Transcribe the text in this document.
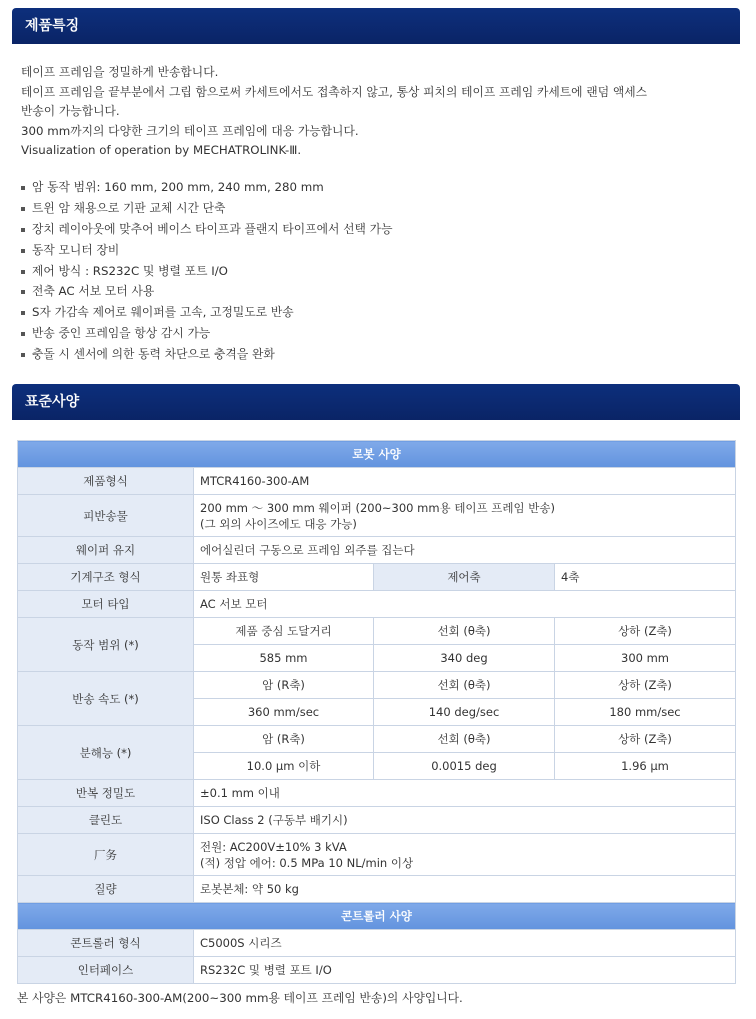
제품특징
테이프 프레임을 정밀하게 반송합니다.
테이프 프레임을 끝부분에서 그립 함으로써 카세트에서도 접촉하지 않고, 통상 피치의 테이프 프레임 카세트에 랜덤 액세스
반송이 가능합니다.
300 mm까지의 다양한 크기의 테이프 프레임에 대응 가능합니다.
Visualization of operation by MECHATROLINK-Ⅲ.
암 동작 범위: 160 mm, 200 mm, 240 mm, 280 mm
트윈 암 채용으로 기판 교체 시간 단축
장치 레이아웃에 맞추어 베이스 타이프과 플랜지 타이프에서 선택 가능
동작 모니터 장비
제어 방식 : RS232C 및 병렬 포트 I/O
전축 AC 서보 모터 사용
S자 가감속 제어로 웨이퍼를 고속, 고정밀도로 반송
반송 중인 프레임을 항상 감시 가능
충돌 시 센서에 의한 동력 차단으로 충격을 완화
표준사양
로봇 사양			
제품형식	MTCR4160-300-AM		
피반송물	200 mm ～ 300 mm 웨이퍼 (200~300 mm용 테이프 프레임 반송)
(그 외의 사이즈에도 대응 가능)		

웨이퍼 유지	에어실린더 구동으로 프레임 외주를 집는다		
기계구조 형식	원통 좌표형	제어축	4축
모터 타입	AC 서보 모터		
동작 범위 (*)	제품 중심 도달거리	선회 (θ축)	상하 (Z축)
	585 mm	340 deg	300 mm
반송 속도 (*)	암 (R축)	선회 (θ축)	상하 (Z축)
	360 mm/sec	140 deg/sec	180 mm/sec
분해능 (*)	암 (R축)	선회 (θ축)	상하 (Z축)
	10.0 μm 이하	0.0015 deg	1.96 μm
반복 정밀도	±0.1 mm 이내		
클린도	ISO Class 2 (구동부 배기시)		
厂务	전원: AC200V±10% 3 kVA
(적) 정압 에어: 0.5 MPa 10 NL/min 이상		

질량	로봇본체: 약 50 kg		
콘트롤러 사양			
콘트롤러 형식	C5000S 시리즈		
인터페이스	RS232C 및 병렬 포트 I/O		
본 사양은 MTCR4160-300-AM(200~300 mm용 테이프 프레임 반송)의 사양입니다.
